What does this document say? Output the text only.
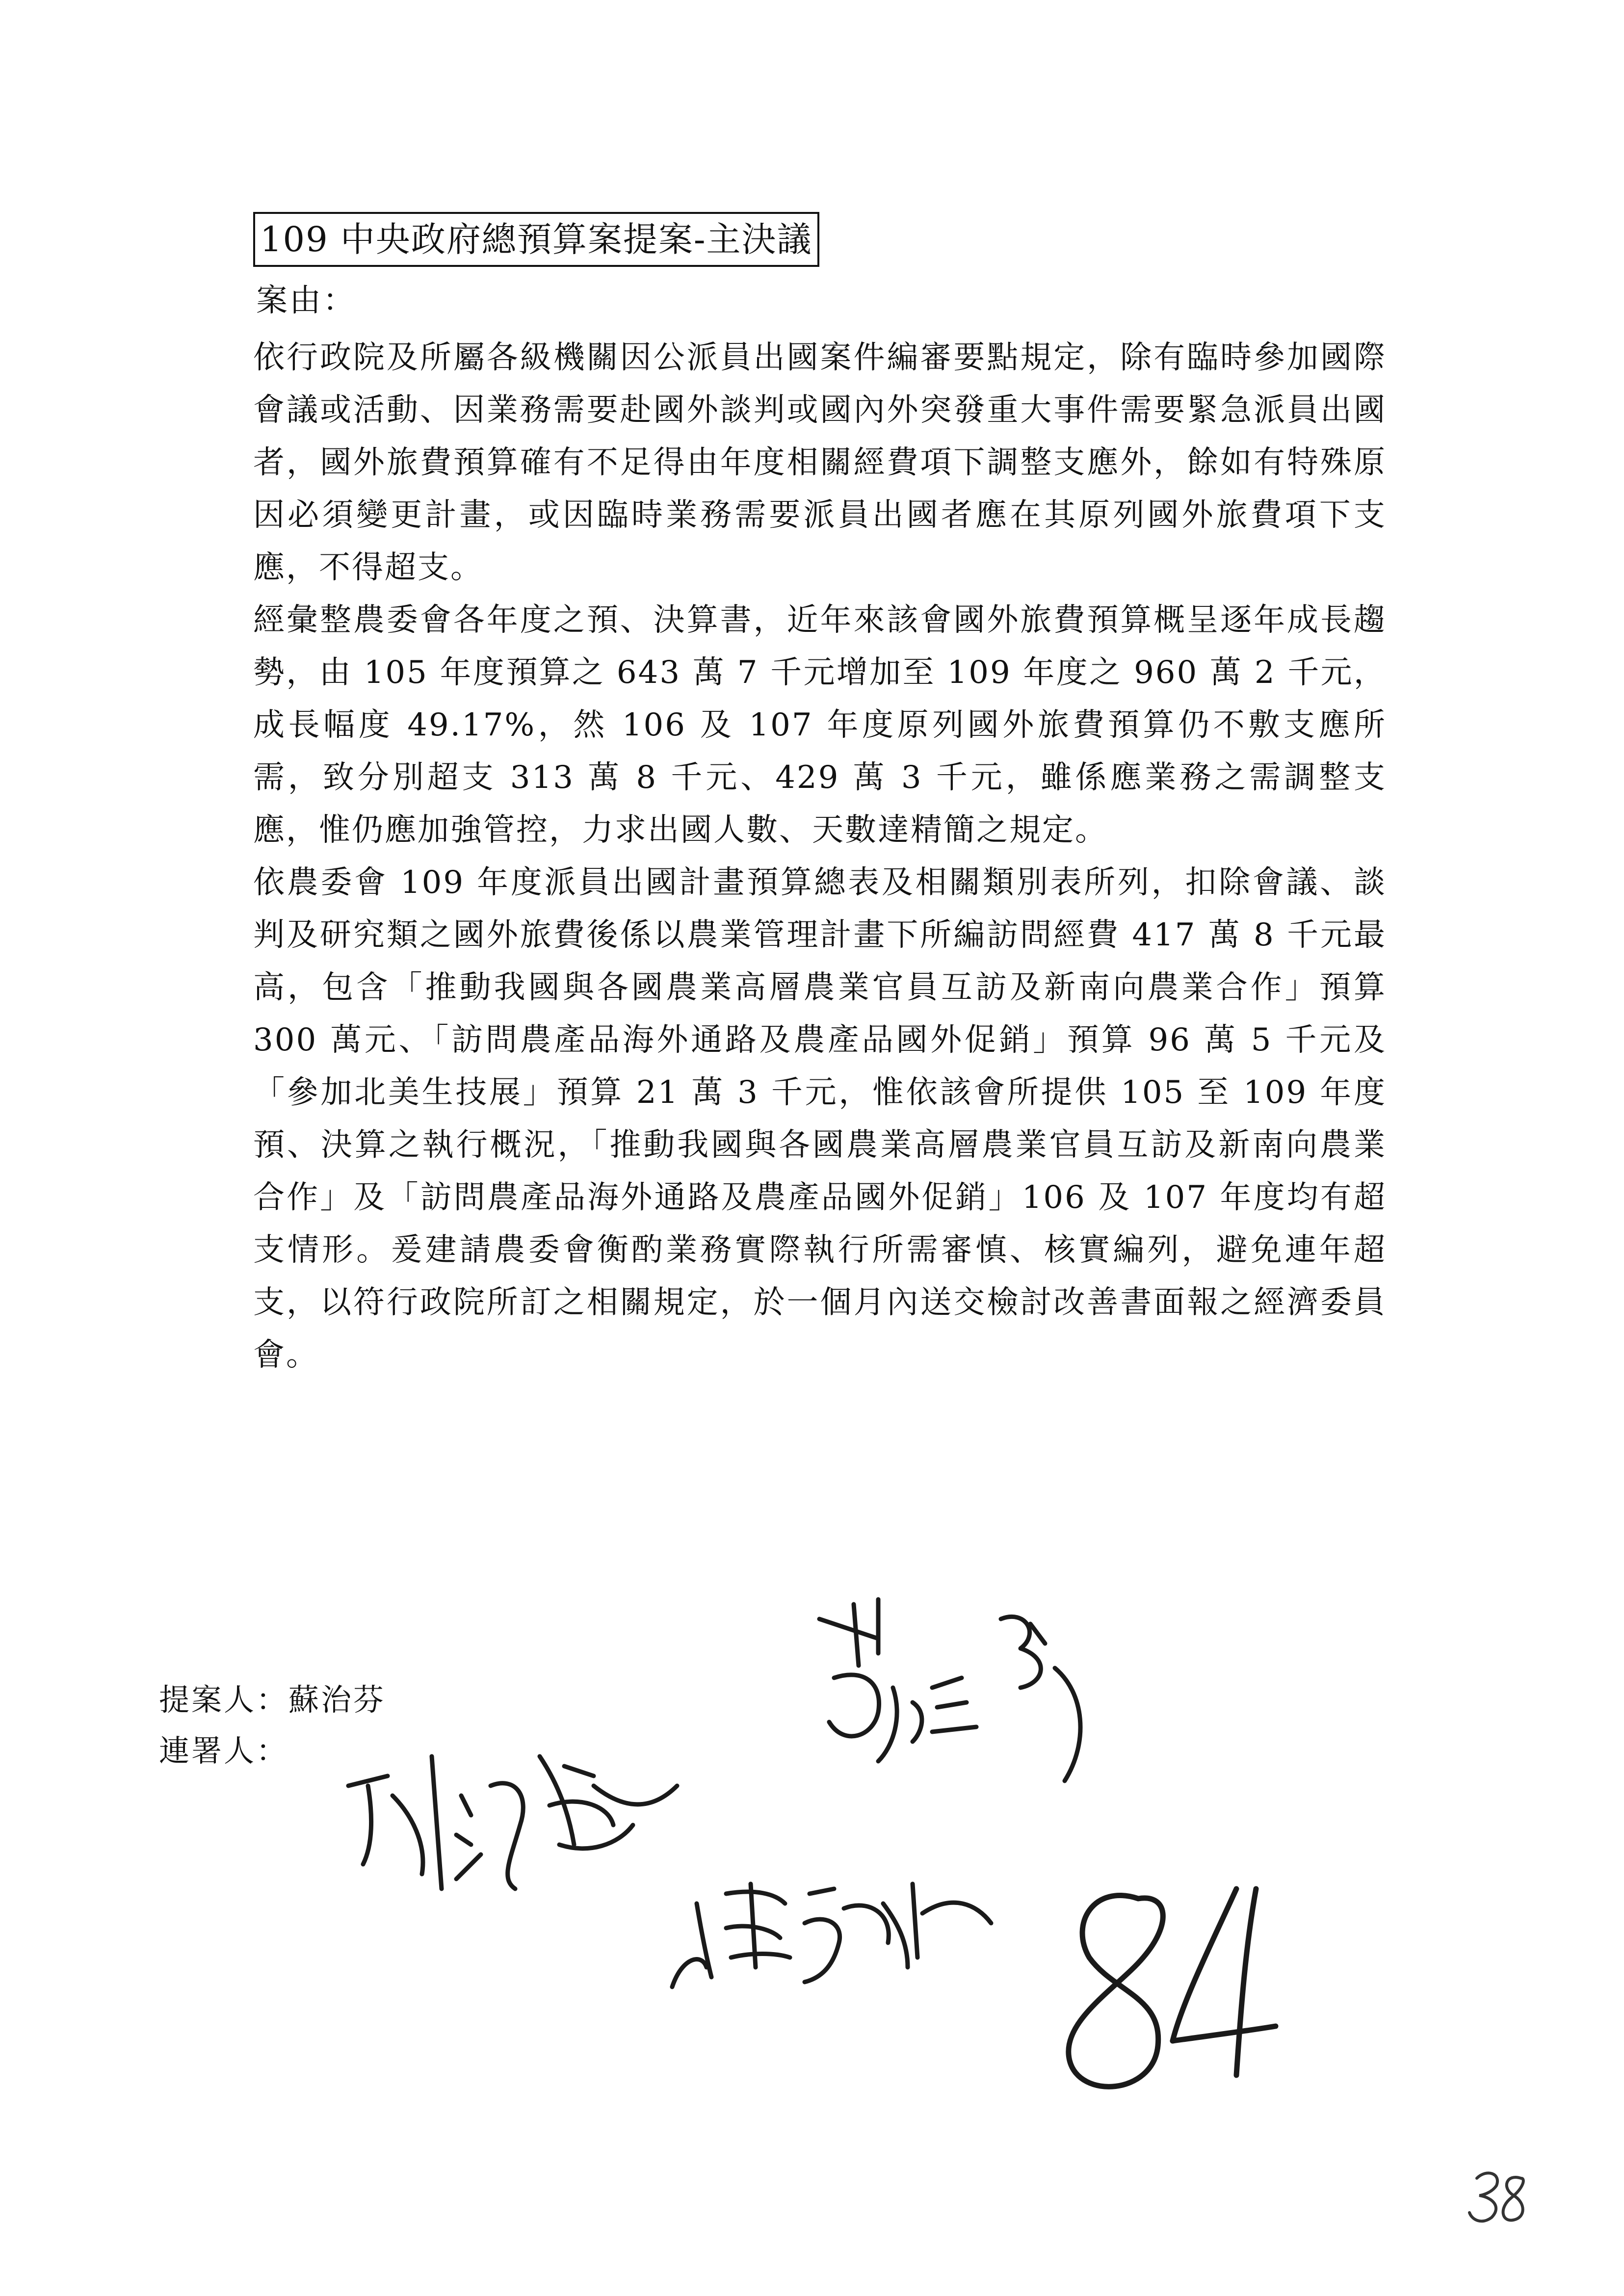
109 中央政府總預算案提案-主決議
案由：

依行政院及所屬各級機關因公派員出國案件編審要點規定，除有臨時參加國際會議或活動、因業務需要赴國外談判或國內外突發重大事件需要緊急派員出國者，國外旅費預算確有不足得由年度相關經費項下調整支應外，餘如有特殊原因必須變更計畫，或因臨時業務需要派員出國者應在其原列國外旅費項下支應，不得超支。

經彙整農委會各年度之預、決算書，近年來該會國外旅費預算概呈逐年成長趨勢，由 105 年度預算之 643 萬 7 千元增加至 109 年度之 960 萬 2 千元，成長幅度 49.17%，然 106 及 107 年度原列國外旅費預算仍不敷支應所需，致分別超支 313 萬 8 千元、429 萬 3 千元，雖係應業務之需調整支應，惟仍應加強管控，力求出國人數、天數達精簡之規定。

依農委會 109 年度派員出國計畫預算總表及相關類別表所列，扣除會議、談判及研究類之國外旅費後係以農業管理計畫下所編訪問經費 417 萬 8 千元最高，包含「推動我國與各國農業高層農業官員互訪及新南向農業合作」預算 300 萬元、「訪問農產品海外通路及農產品國外促銷」預算 96 萬 5 千元及「參加北美生技展」預算 21 萬 3 千元，惟依該會所提供 105 至 109 年度預、決算之執行概況，「推動我國與各國農業高層農業官員互訪及新南向農業合作」及「訪問農產品海外通路及農產品國外促銷」106 及 107 年度均有超支情形。爰建請農委會衡酌業務實際執行所需審慎、核實編列，避免連年超支，以符行政院所訂之相關規定，於一個月內送交檢討改善書面報之經濟委員會。

提案人：蘇治芬
連署人：
